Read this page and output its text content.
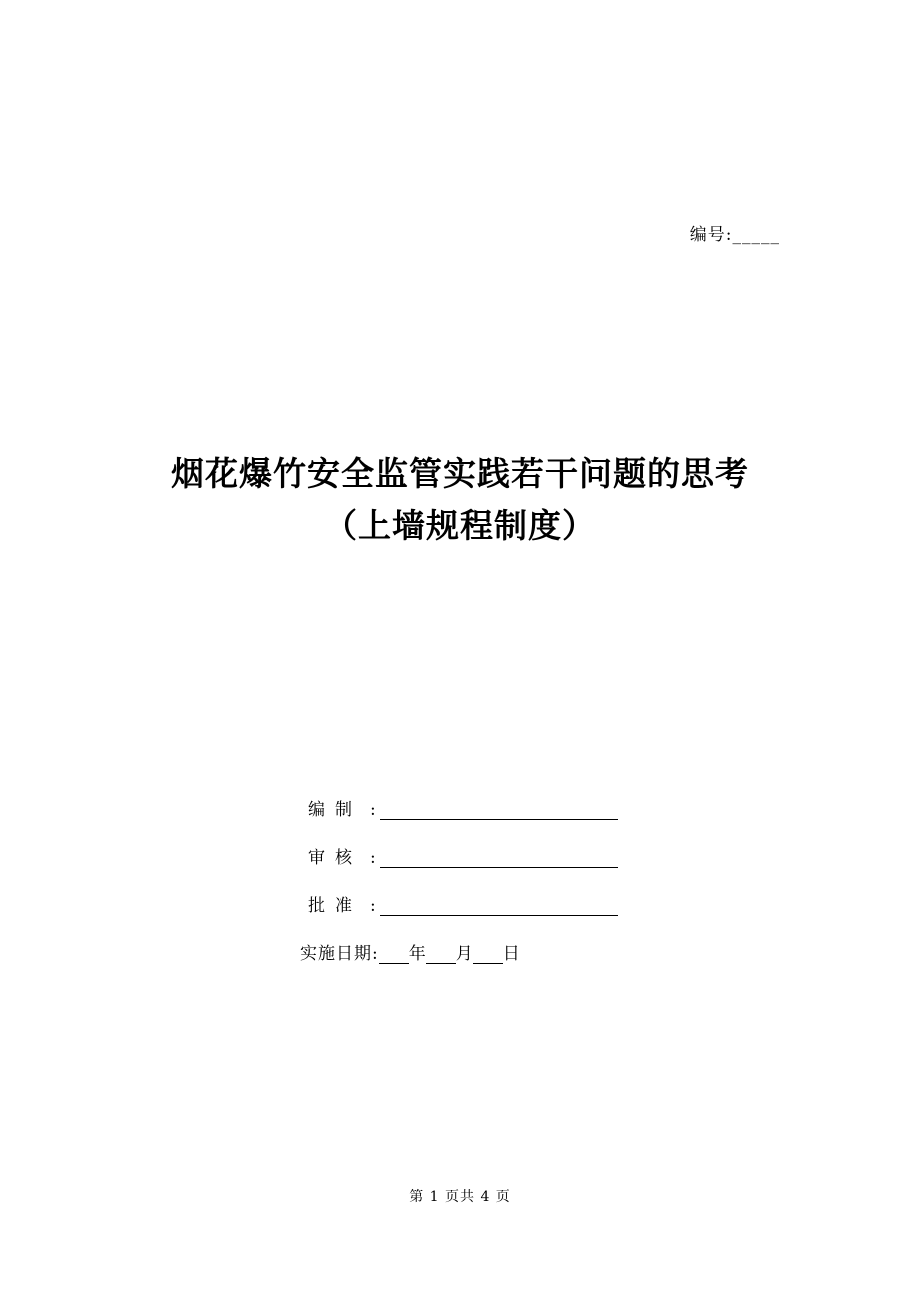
编号:_____
烟花爆竹安全监管实践若干问题的思考
（上墙规程制度）
编制 :
审核 :
批准 :
实施日期: 年 月 日
第 1 页共 4 页
